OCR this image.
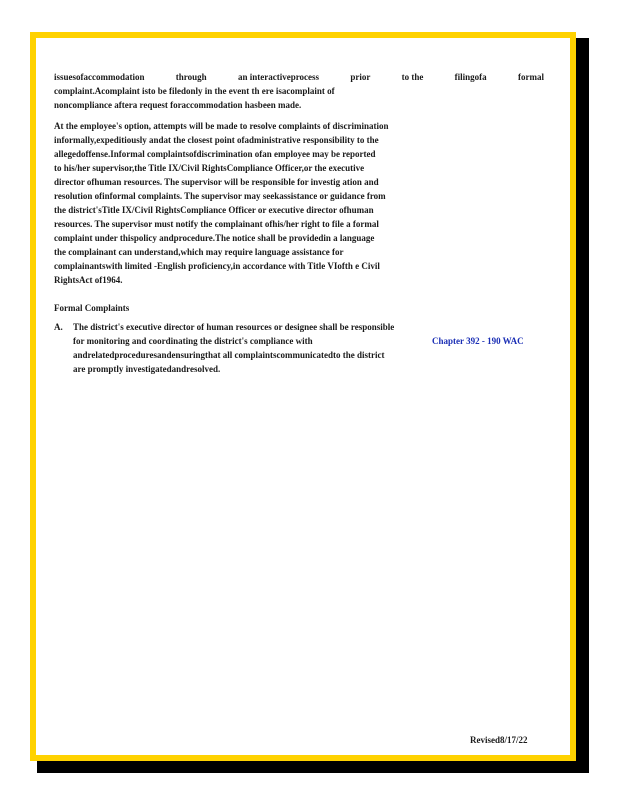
issuesofaccommodation	through	an interactiveprocess	prior	to the	filingofa	formal
complaint.Acomplaint isto be filedonly in the event th ere isacomplaint of
noncompliance aftera request foraccommodation hasbeen made.
At the employee's option, attempts will be made to resolve complaints of discrimination
informally,expeditiously andat the closest point ofadministrative responsibility to the
allegedoffense.Informal complaintsofdiscrimination ofan employee may be reported
to his/her supervisor,the Title IX/Civil RightsCompliance Officer,or the executive
director ofhuman resources. The supervisor will be responsible for investig ation and
resolution ofinformal complaints. The supervisor may seekassistance or guidance from
the district'sTitle IX/Civil RightsCompliance Officer or executive director ofhuman
resources. The supervisor must notify the complainant ofhis/her right to file a formal
complaint under thispolicy andprocedure.The notice shall be providedin a language
the complainant can understand,which may require language assistance for
complainantswith limited -English proficiency,in accordance with Title VIofth e Civil
RightsAct of1964.
Formal Complaints
A. The district's executive director of human resources or designee shall be responsible
for monitoring and coordinating the district's compliance with	Chapter 392 - 190 WAC
andrelatedproceduresandensuringthat all complaintscommunicatedto the district
are promptly investigatedandresolved.
Revised8/17/22
